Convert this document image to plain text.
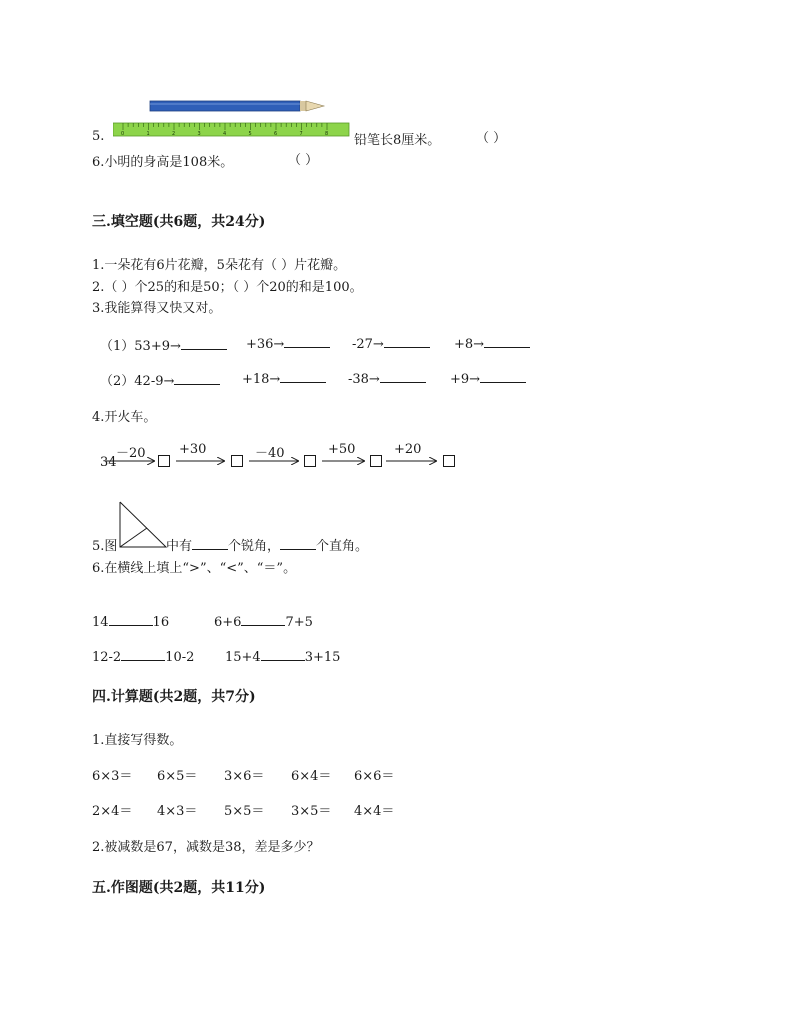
5.	0	1	2	3	4	5	6	7	8 铅笔长8厘米。	（ ）
6.小明的身高是108米。	（ ）
三.填空题(共6题，共24分)
1.一朵花有6片花瓣，5朵花有（ ）片花瓣。
2.（ ）个25的和是50；（ ）个20的和是100。
3.我能算得又快又对。
（1）53+9→	+36→	-27→	+8→
（2）42-9→	+18→	-38→	+9→
4.开火车。
34
－20	+30	－40	+50	+20
5.图	中有	个锐角，	个直角。
6.在横线上填上“>”、“<”、“＝”。
14	16	6+6	7+5
12-2	10-2 15+4	3+15
四.计算题(共2题，共7分)
1.直接写得数。
6×3＝ 6×5＝ 3×6＝ 6×4＝ 6×6＝
2×4＝ 4×3＝ 5×5＝ 3×5＝ 4×4＝
2.被减数是67，减数是38，差是多少？
五.作图题(共2题，共11分)
